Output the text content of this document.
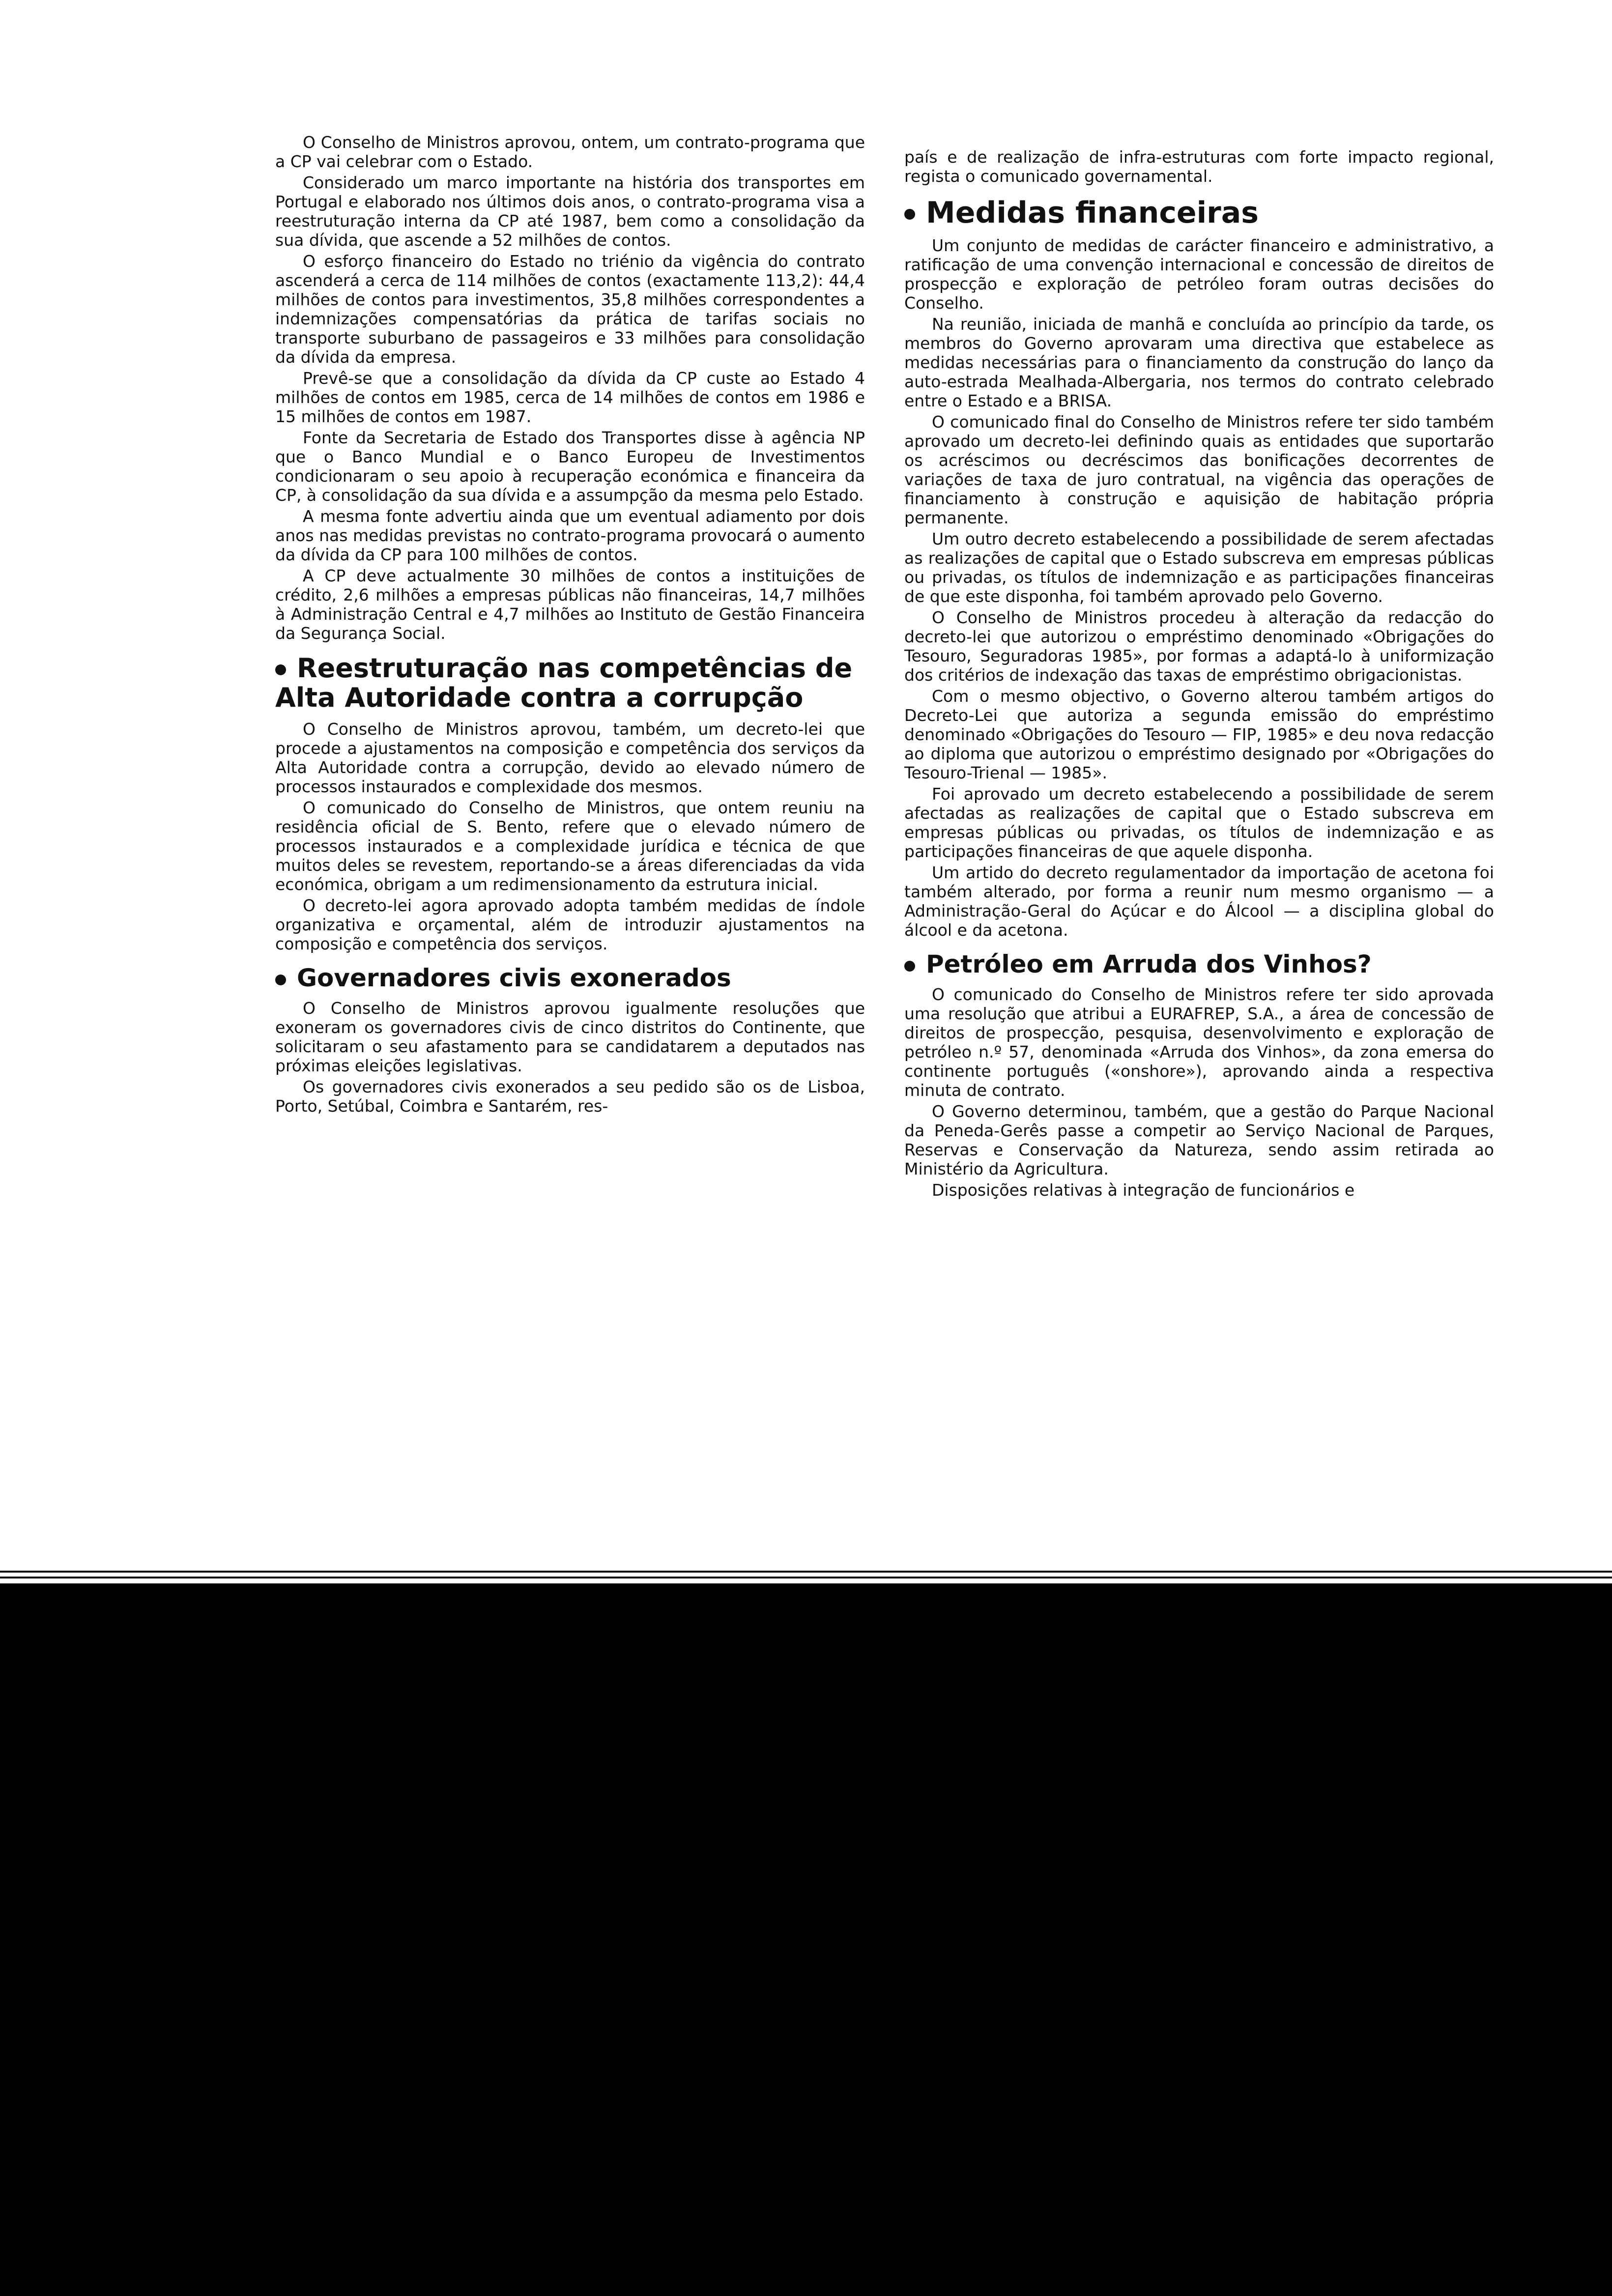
O Conselho de Ministros aprovou, ontem, um contrato-programa que a CP vai celebrar com o Estado.

Considerado um marco importante na história dos transportes em Portugal e elaborado nos últimos dois anos, o contrato-programa visa a reestruturação interna da CP até 1987, bem como a consolidação da sua dívida, que ascende a 52 milhões de contos.

O esforço financeiro do Estado no triénio da vigência do contrato ascenderá a cerca de 114 milhões de contos (exactamente 113,2): 44,4 milhões de contos para investimentos, 35,8 milhões correspondentes a indemnizações compensatórias da prática de tarifas sociais no transporte suburbano de passageiros e 33 milhões para consolidação da dívida da empresa.

Prevê-se que a consolidação da dívida da CP custe ao Estado 4 milhões de contos em 1985, cerca de 14 milhões de contos em 1986 e 15 milhões de contos em 1987.

Fonte da Secretaria de Estado dos Transportes disse à agência NP que o Banco Mundial e o Banco Europeu de Investimentos condicionaram o seu apoio à recuperação económica e financeira da CP, à consolidação da sua dívida e a assumpção da mesma pelo Estado.

A mesma fonte advertiu ainda que um eventual adiamento por dois anos nas medidas previstas no contrato-programa provocará o aumento da dívida da CP para 100 milhões de contos.

A CP deve actualmente 30 milhões de contos a instituições de crédito, 2,6 milhões a empresas públicas não financeiras, 14,7 milhões à Administração Central e 4,7 milhões ao Instituto de Gestão Financeira da Segurança Social.

Reestruturação nas competências de Alta Autoridade contra a corrupção

O Conselho de Ministros aprovou, também, um decreto-lei que procede a ajustamentos na composição e competência dos serviços da Alta Autoridade contra a corrupção, devido ao elevado número de processos instaurados e complexidade dos mesmos.

O comunicado do Conselho de Ministros, que ontem reuniu na residência oficial de S. Bento, refere que o elevado número de processos instaurados e a complexidade jurídica e técnica de que muitos deles se revestem, reportando-se a áreas diferenciadas da vida económica, obrigam a um redimensionamento da estrutura inicial.

O decreto-lei agora aprovado adopta também medidas de índole organizativa e orçamental, além de introduzir ajustamentos na composição e competência dos serviços.

Governadores civis exonerados

O Conselho de Ministros aprovou igualmente resoluções que exoneram os governadores civis de cinco distritos do Continente, que solicitaram o seu afastamento para se candidatarem a deputados nas próximas eleições legislativas.

Os governadores civis exonerados a seu pedido são os de Lisboa, Porto, Setúbal, Coimbra e Santarém, res-

país e de realização de infra-estruturas com forte impacto regional, regista o comunicado governamental.

Medidas financeiras

Um conjunto de medidas de carácter financeiro e administrativo, a ratificação de uma convenção internacional e concessão de direitos de prospecção e exploração de petróleo foram outras decisões do Conselho.

Na reunião, iniciada de manhã e concluída ao princípio da tarde, os membros do Governo aprovaram uma directiva que estabelece as medidas necessárias para o financiamento da construção do lanço da auto-estrada Mealhada-Albergaria, nos termos do contrato celebrado entre o Estado e a BRISA.

O comunicado final do Conselho de Ministros refere ter sido também aprovado um decreto-lei definindo quais as entidades que suportarão os acréscimos ou decréscimos das bonificações decorrentes de variações de taxa de juro contratual, na vigência das operações de financiamento à construção e aquisição de habitação própria permanente.

Um outro decreto estabelecendo a possibilidade de serem afectadas as realizações de capital que o Estado subscreva em empresas públicas ou privadas, os títulos de indemnização e as participações financeiras de que este disponha, foi também aprovado pelo Governo.

O Conselho de Ministros procedeu à alteração da redacção do decreto-lei que autorizou o empréstimo denominado «Obrigações do Tesouro, Seguradoras 1985», por formas a adaptá-lo à uniformização dos critérios de indexação das taxas de empréstimo obrigacionistas.

Com o mesmo objectivo, o Governo alterou também artigos do Decreto-Lei que autoriza a segunda emissão do empréstimo denominado «Obrigações do Tesouro — FIP, 1985» e deu nova redacção ao diploma que autorizou o empréstimo designado por «Obrigações do Tesouro-Trienal — 1985».

Foi aprovado um decreto estabelecendo a possibilidade de serem afectadas as realizações de capital que o Estado subscreva em empresas públicas ou privadas, os títulos de indemnização e as participações financeiras de que aquele disponha.

Um artido do decreto regulamentador da importação de acetona foi também alterado, por forma a reunir num mesmo organismo — a Administração-Geral do Açúcar e do Álcool — a disciplina global do álcool e da acetona.

Petróleo em Arruda dos Vinhos?

O comunicado do Conselho de Ministros refere ter sido aprovada uma resolução que atribui a EURAFREP, S.A., a área de concessão de direitos de prospecção, pesquisa, desenvolvimento e exploração de petróleo n.º 57, denominada «Arruda dos Vinhos», da zona emersa do continente português («onshore»), aprovando ainda a respectiva minuta de contrato.

O Governo determinou, também, que a gestão do Parque Nacional da Peneda-Gerês passe a competir ao Serviço Nacional de Parques, Reservas e Conservação da Natureza, sendo assim retirada ao Ministério da Agricultura.

Disposições relativas à integração de funcionários e
